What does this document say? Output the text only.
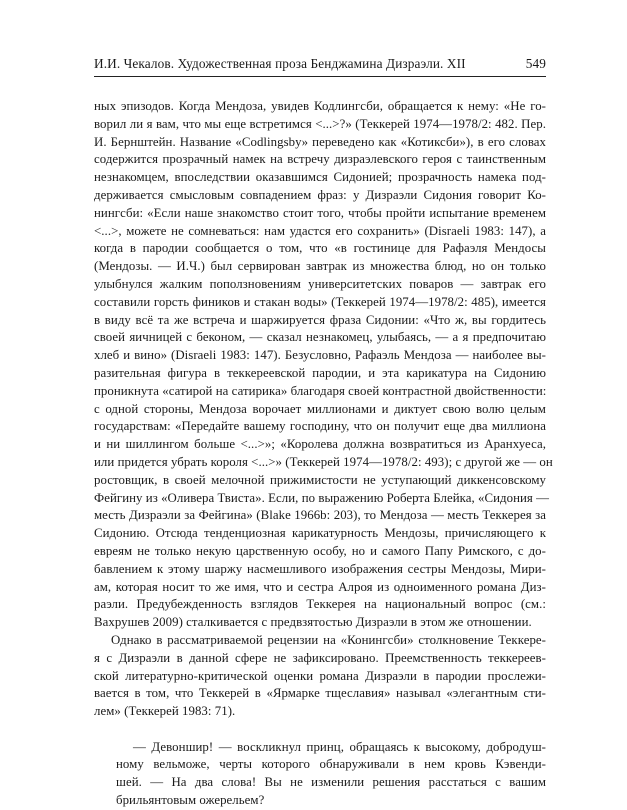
И.И. Чекалов. Художественная проза Бенджамина Дизраэли. XII	549
ных эпизодов. Когда Мендоза, увидев Кодлингсби, обращается к нему: «Не го-
ворил ли я вам, что мы еще встретимся <...>?» (Теккерей 1974—1978/2: 482. Пер.
И. Бернштейн. Название «Codlingsby» переведено как «Котиксби»), в его словах
содержится прозрачный намек на встречу дизраэлевского героя с таинственным
незнакомцем, впоследствии оказавшимся Сидонией; прозрачность намека под-
держивается смысловым совпадением фраз: у Дизраэли Сидония говорит Ко-
нингсби: «Если наше знакомство стоит того, чтобы пройти испытание временем
<...>, можете не сомневаться: нам удастся его сохранить» (Disraeli 1983: 147), а
когда в пародии сообщается о том, что «в гостинице для Рафаэля Мендосы
(Мендозы. — И.Ч.) был сервирован завтрак из множества блюд, но он только
улыбнулся жалким поползновениям университетских поваров — завтрак его
составили горсть фиников и стакан воды» (Теккерей 1974—1978/2: 485), имеется
в виду всё та же встреча и шаржируется фраза Сидонии: «Что ж, вы гордитесь
своей яичницей с беконом, — сказал незнакомец, улыбаясь, — а я предпочитаю
хлеб и вино» (Disraeli 1983: 147). Безусловно, Рафаэль Мендоза — наиболее вы-
разительная фигура в теккереевской пародии, и эта карикатура на Сидонию
проникнута «сатирой на сатирика» благодаря своей контрастной двойственности:
с одной стороны, Мендоза ворочает миллионами и диктует свою волю целым
государствам: «Передайте вашему господину, что он получит еще два миллиона
и ни шиллингом больше <...>»; «Королева должна возвратиться из Аранхуеса,
или придется убрать короля <...>» (Теккерей 1974—1978/2: 493); с другой же — он
ростовщик, в своей мелочной прижимистости не уступающий диккенсовскому
Фейгину из «Оливера Твиста». Если, по выражению Роберта Блейка, «Сидония —
месть Дизраэли за Фейгина» (Blake 1966b: 203), то Мендоза — месть Теккерея за
Сидонию. Отсюда тенденциозная карикатурность Мендозы, причисляющего к
евреям не только некую царственную особу, но и самого Папу Римского, с до-
бавлением к этому шаржу насмешливого изображения сестры Мендозы, Мири-
ам, которая носит то же имя, что и сестра Алроя из одноименного романа Диз-
раэли. Предубежденность взглядов Теккерея на национальный вопрос (см.:
Вахрушев 2009) сталкивается с предвзятостью Дизраэли в этом же отношении.
Однако в рассматриваемой рецензии на «Конингсби» столкновение Теккере-
я с Дизраэли в данной сфере не зафиксировано. Преемственность теккереев-
ской литературно-критической оценки романа Дизраэли в пародии прослежи-
вается в том, что Теккерей в «Ярмарке тщеславия» называл «элегантным сти-
лем» (Теккерей 1983: 71).
— Девоншир! — воскликнул принц, обращаясь к высокому, добродуш-
ному вельможе, черты которого обнаруживали в нем кровь Кэвенди-
шей. — На два слова! Вы не изменили решения расстаться с вашим
брильянтовым ожерельем?
